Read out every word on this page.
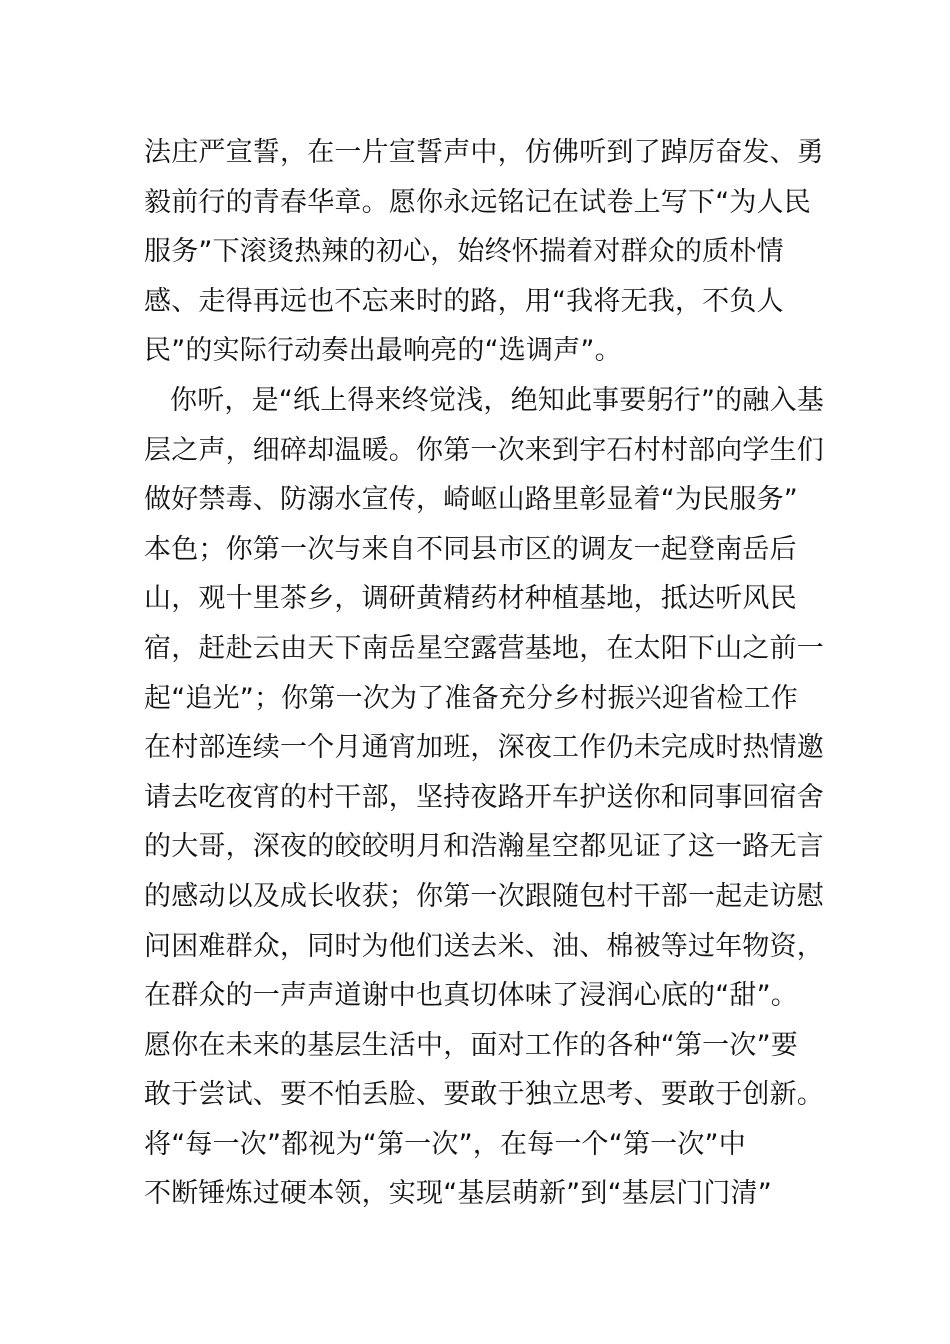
法庄严宣誓，在一片宣誓声中，仿佛听到了踔厉奋发、勇
毅前行的青春华章。愿你永远铭记在试卷上写下“为人民
服务”下滚烫热辣的初心，始终怀揣着对群众的质朴情
感、走得再远也不忘来时的路，用“我将无我，不负人
民”的实际行动奏出最响亮的“选调声”。
你听，是“纸上得来终觉浅，绝知此事要躬行”的融入基
层之声，细碎却温暖。你第一次来到宇石村村部向学生们
做好禁毒、防溺水宣传，崎岖山路里彰显着“为民服务”
本色；你第一次与来自不同县市区的调友一起登南岳后
山，观十里茶乡，调研黄精药材种植基地，抵达听风民
宿，赶赴云由天下南岳星空露营基地，在太阳下山之前一
起“追光”；你第一次为了准备充分乡村振兴迎省检工作
在村部连续一个月通宵加班，深夜工作仍未完成时热情邀
请去吃夜宵的村干部，坚持夜路开车护送你和同事回宿舍
的大哥，深夜的皎皎明月和浩瀚星空都见证了这一路无言
的感动以及成长收获；你第一次跟随包村干部一起走访慰
问困难群众，同时为他们送去米、油、棉被等过年物资，
在群众的一声声道谢中也真切体味了浸润心底的“甜”。
愿你在未来的基层生活中，面对工作的各种“第一次”要
敢于尝试、要不怕丢脸、要敢于独立思考、要敢于创新。
将“每一次”都视为“第一次”，在每一个“第一次”中
不断锤炼过硬本领，实现“基层萌新”到“基层门门清”
